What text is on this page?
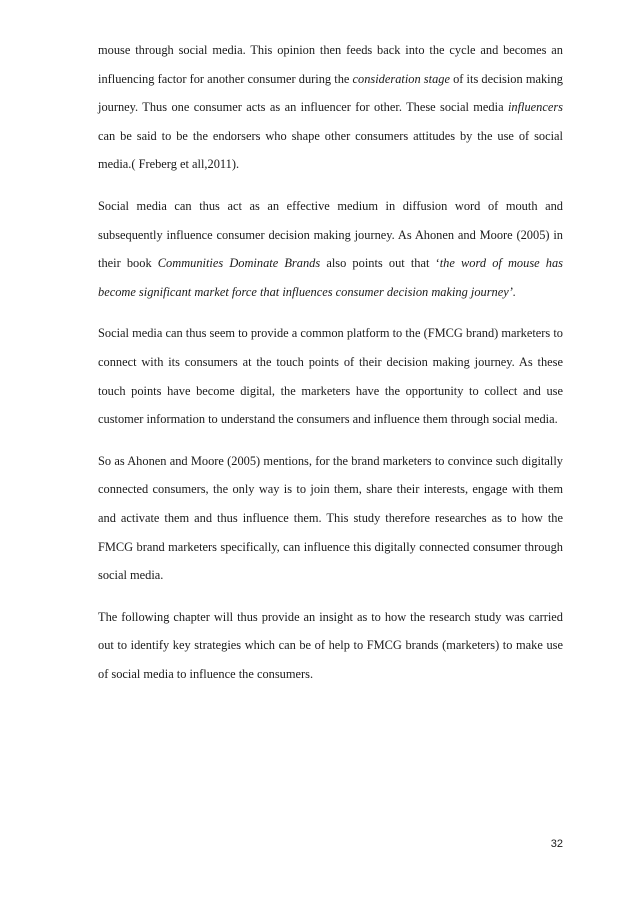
mouse through social media. This opinion then feeds back into the cycle and becomes an influencing factor for another consumer during the consideration stage of its decision making journey. Thus one consumer acts as an influencer for other. These social media influencers can be said to be the endorsers who shape other consumers attitudes by the use of social media.( Freberg et all,2011).

Social media can thus act as an effective medium in diffusion word of mouth and subsequently influence consumer decision making journey. As Ahonen and Moore (2005) in their book Communities Dominate Brands also points out that ‘the word of mouse has become significant market force that influences consumer decision making journey’.

Social media can thus seem to provide a common platform to the (FMCG brand) marketers to connect with its consumers at the touch points of their decision making journey. As these touch points have become digital, the marketers have the opportunity to collect and use customer information to understand the consumers and influence them through social media.

So as Ahonen and Moore (2005) mentions, for the brand marketers to convince such digitally connected consumers, the only way is to join them, share their interests, engage with them and activate them and thus influence them. This study therefore researches as to how the FMCG brand marketers specifically, can influence this digitally connected consumer through social media.

The following chapter will thus provide an insight as to how the research study was carried out to identify key strategies which can be of help to FMCG brands (marketers) to make use of social media to influence the consumers.

32
